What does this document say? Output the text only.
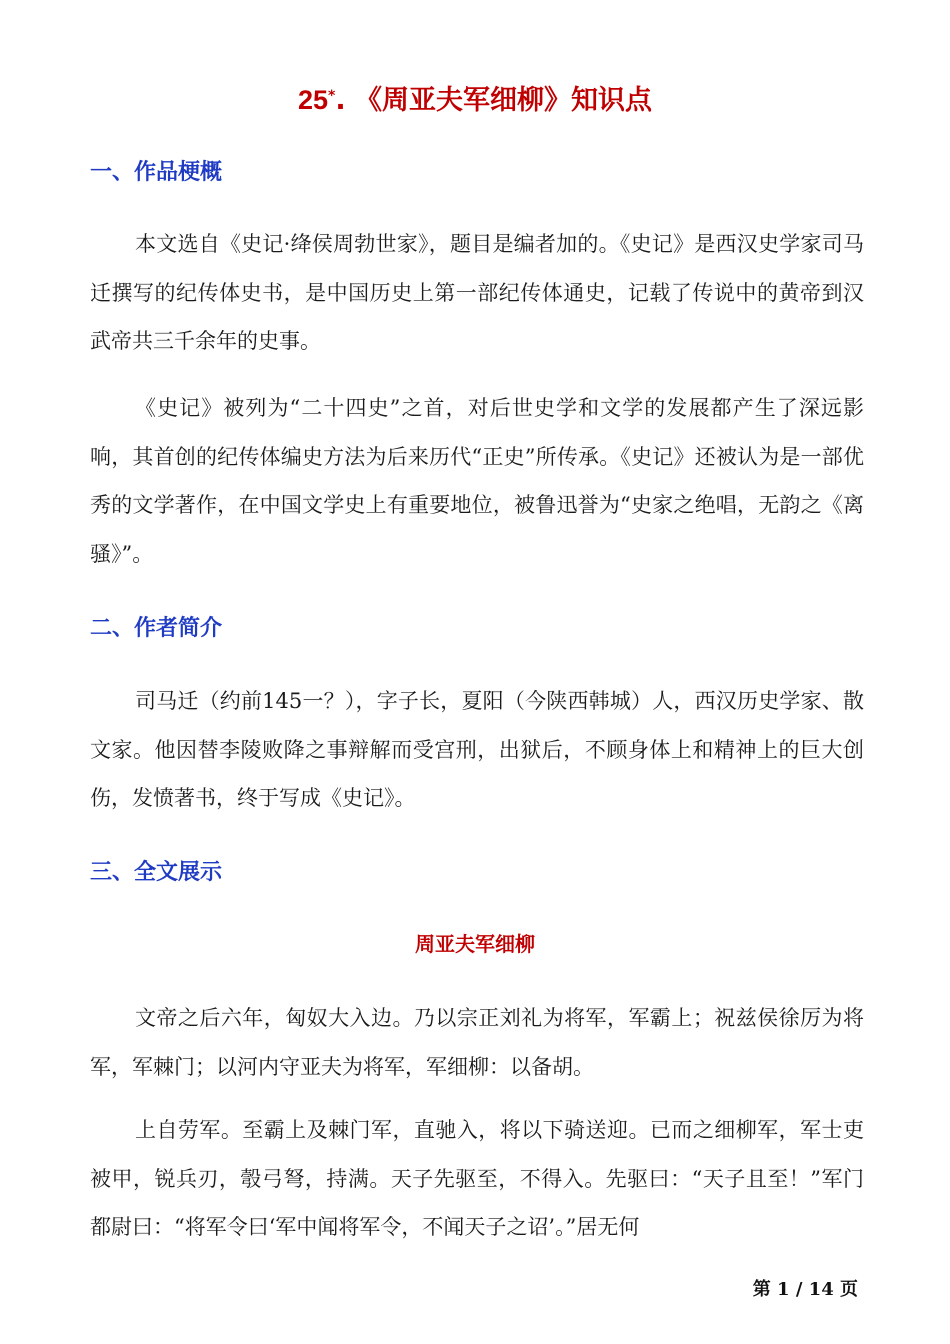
25*. 《周亚夫军细柳》知识点
一、作品梗概

本文选自《史记·绛侯周勃世家》，题目是编者加的。《史记》是西汉史学家司马迁撰写的纪传体史书，是中国历史上第一部纪传体通史，记载了传说中的黄帝到汉武帝共三千余年的史事。

《史记》被列为“二十四史”之首，对后世史学和文学的发展都产生了深远影响，其首创的纪传体编史方法为后来历代“正史”所传承。《史记》还被认为是一部优秀的文学著作，在中国文学史上有重要地位，被鲁迅誉为“史家之绝唱，无韵之《离骚》”。

二、作者简介

司马迁（约前145一？），字子长，夏阳（今陕西韩城）人，西汉历史学家、散文家。他因替李陵败降之事辩解而受宫刑，出狱后，不顾身体上和精神上的巨大创伤，发愤著书，终于写成《史记》。

三、全文展示
周亚夫军细柳

文帝之后六年，匈奴大入边。乃以宗正刘礼为将军，军霸上；祝兹侯徐厉为将军，军棘门；以河内守亚夫为将军，军细柳：以备胡。

上自劳军。至霸上及棘门军，直驰入，将以下骑送迎。已而之细柳军，军士吏被甲，锐兵刃，彀弓弩，持满。天子先驱至，不得入。先驱曰：“天子且至！”军门都尉曰：“将军令曰‘军中闻将军令，不闻天子之诏’。”居无何

第 1 / 14 页
